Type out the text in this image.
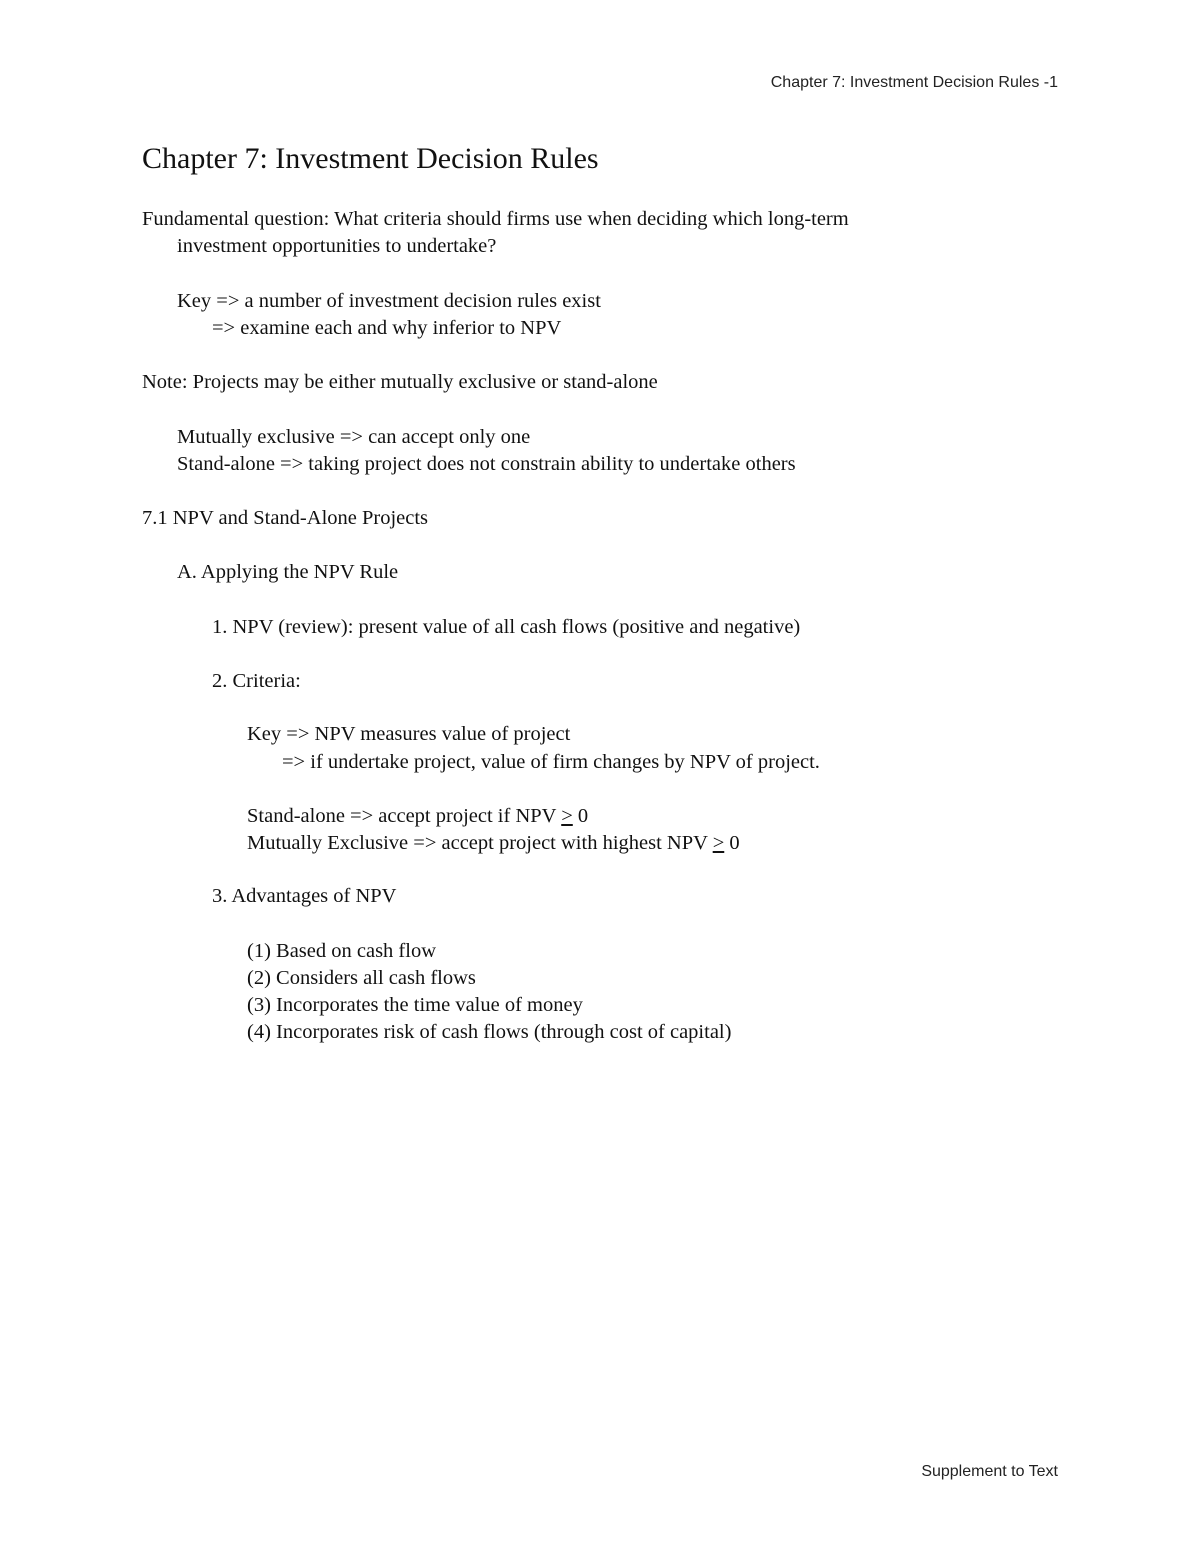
Chapter 7: Investment Decision Rules -1
Chapter 7: Investment Decision Rules
Fundamental question: What criteria should firms use when deciding which long-term
investment opportunities to undertake?
Key => a number of investment decision rules exist
=> examine each and why inferior to NPV
Note: Projects may be either mutually exclusive or stand-alone
Mutually exclusive => can accept only one
Stand-alone => taking project does not constrain ability to undertake others
7.1 NPV and Stand-Alone Projects
A. Applying the NPV Rule
1. NPV (review): present value of all cash flows (positive and negative)
2. Criteria:
Key => NPV measures value of project
=> if undertake project, value of firm changes by NPV of project.
Stand-alone => accept project if NPV ≥ 0
Mutually Exclusive => accept project with highest NPV ≥ 0
3. Advantages of NPV
(1) Based on cash flow
(2) Considers all cash flows
(3) Incorporates the time value of money
(4) Incorporates risk of cash flows (through cost of capital)
Supplement to Text
